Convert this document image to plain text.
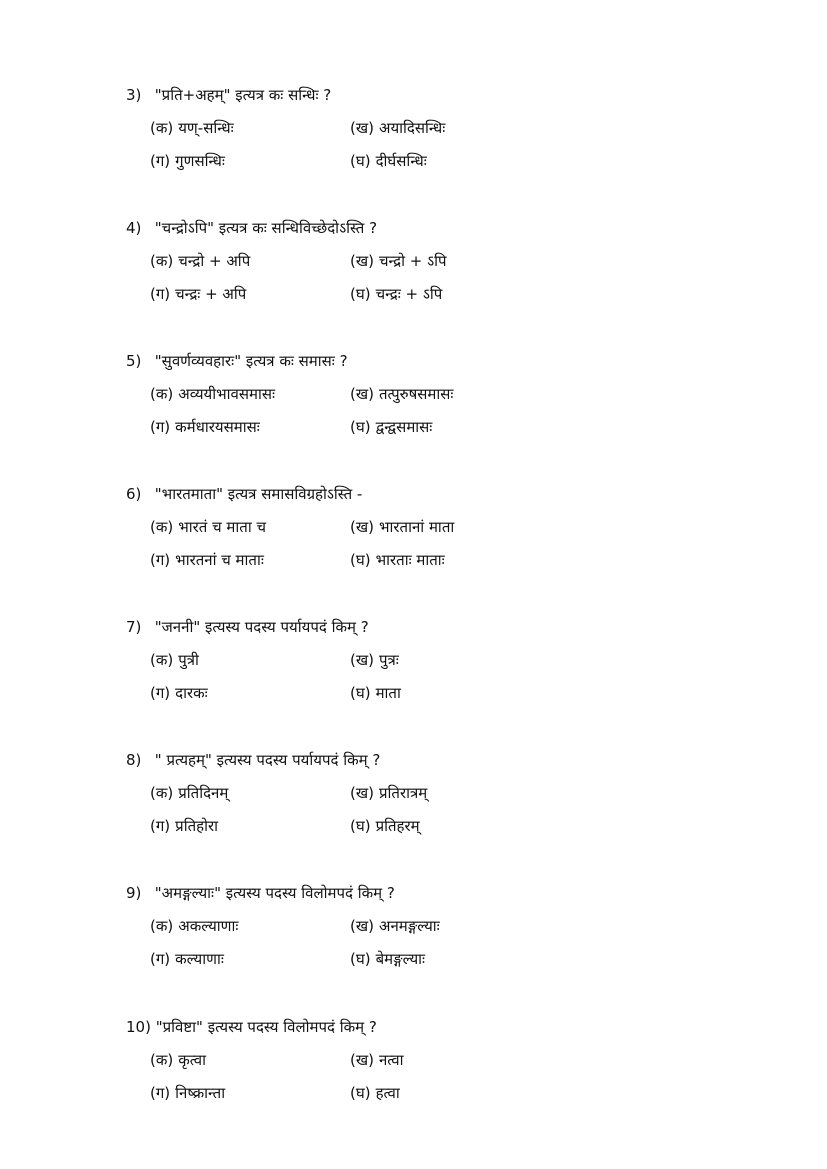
3) "प्रति+अहम्" इत्यत्र कः सन्धिः ?
(क) यण्-सन्धिः	(ख) अयादिसन्धिः
(ग) गुणसन्धिः	(घ) दीर्घसन्धिः
4) "चन्द्रोऽपि" इत्यत्र कः सन्धिविच्छेदोऽस्ति ?
(क) चन्द्रो + अपि	(ख) चन्द्रो + ऽपि
(ग) चन्द्रः + अपि	(घ) चन्द्रः + ऽपि
5) "सुवर्णव्यवहारः" इत्यत्र कः समासः ?
(क) अव्ययीभावसमासः	(ख) तत्पुरुषसमासः
(ग) कर्मधारयसमासः	(घ) द्वन्द्वसमासः
6) "भारतमाता" इत्यत्र समासविग्रहोऽस्ति -
(क) भारतं च माता च	(ख) भारतानां माता
(ग) भारतनां च माताः	(घ) भारताः माताः
7) "जननी" इत्यस्य पदस्य पर्यायपदं किम् ?
(क) पुत्री	(ख) पुत्रः
(ग) दारकः	(घ) माता
8) " प्रत्यहम्" इत्यस्य पदस्य पर्यायपदं किम् ?
(क) प्रतिदिनम्	(ख) प्रतिरात्रम्
(ग) प्रतिहोरा	(घ) प्रतिहरम्
9) "अमङ्गल्याः" इत्यस्य पदस्य विलोमपदं किम् ?
(क) अकल्याणाः	(ख) अनमङ्गल्याः
(ग) कल्याणाः	(घ) बेमङ्गल्याः
10) "प्रविष्टा" इत्यस्य पदस्य विलोमपदं किम् ?
(क) कृत्वा	(ख) नत्वा
(ग) निष्क्रान्ता	(घ) हत्वा
